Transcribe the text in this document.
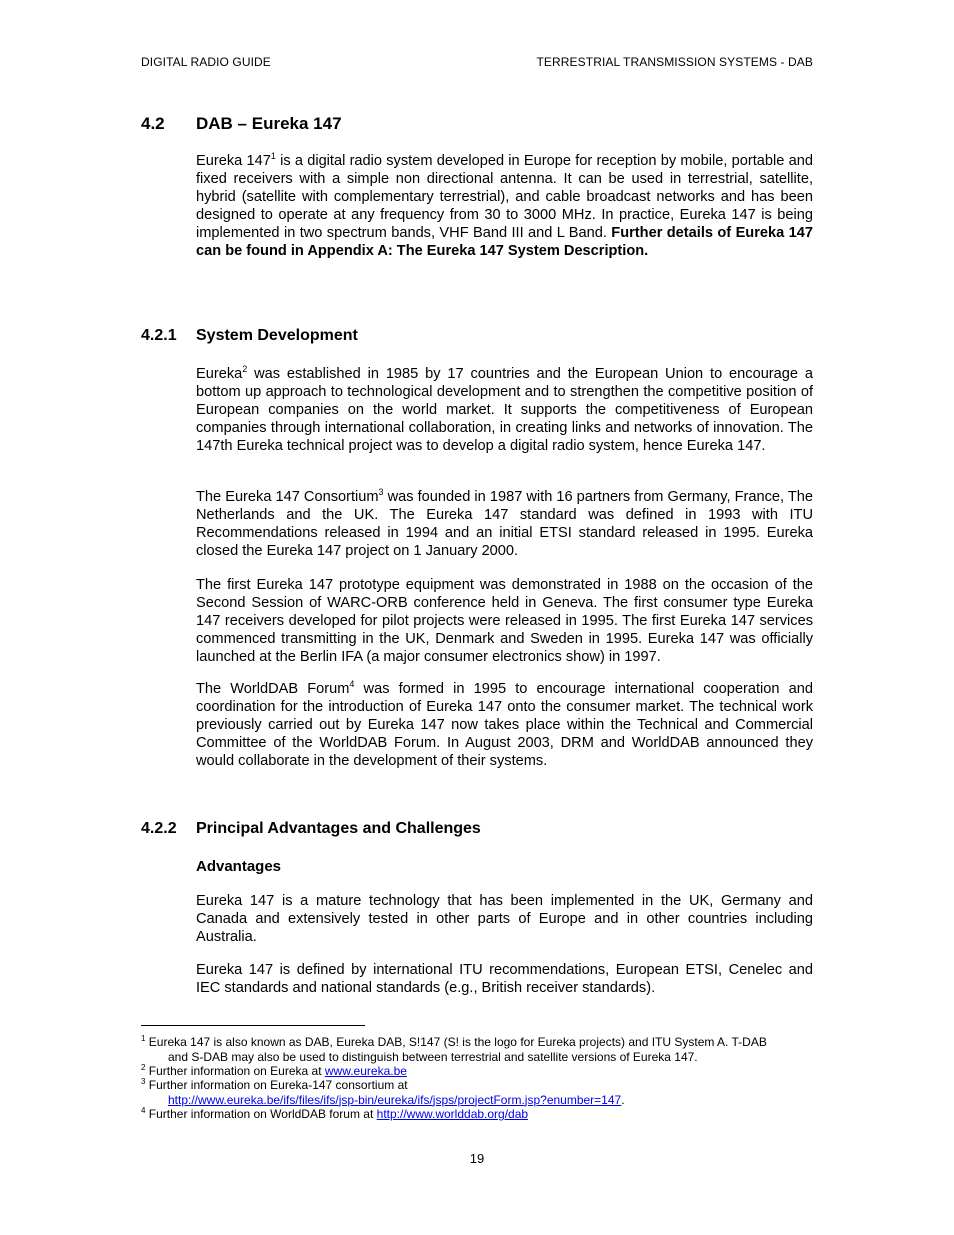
DIGITAL RADIO GUIDE	TERRESTRIAL TRANSMISSION SYSTEMS - DAB
4.2 DAB – Eureka 147

Eureka $147^1$ is a digital radio system developed in Europe for reception by mobile, portable and fixed receivers with a simple non directional antenna. It can be used in terrestrial, satellite, hybrid (satellite with complementary terrestrial), and cable broadcast networks and has been designed to operate at any frequency from 30 to 3000 MHz. In practice, Eureka 147 is being implemented in two spectrum bands, VHF Band III and L Band. Further details of Eureka 147 can be found in Appendix A: The Eureka 147 System Description.

4.2.1 System Development

Eureka$^2$ was established in 1985 by 17 countries and the European Union to encourage a bottom up approach to technological development and to strengthen the competitive position of European companies on the world market. It supports the competitiveness of European companies through international collaboration, in creating links and networks of innovation. The 147th Eureka technical project was to develop a digital radio system, hence Eureka 147.

The Eureka 147 Consortium$^3$ was founded in 1987 with 16 partners from Germany, France, The Netherlands and the UK. The Eureka 147 standard was defined in 1993 with ITU Recommendations released in 1994 and an initial ETSI standard released in 1995. Eureka closed the Eureka 147 project on 1 January 2000.

The first Eureka 147 prototype equipment was demonstrated in 1988 on the occasion of the Second Session of WARC-ORB conference held in Geneva. The first consumer type Eureka 147 receivers developed for pilot projects were released in 1995. The first Eureka 147 services commenced transmitting in the UK, Denmark and Sweden in 1995. Eureka 147 was officially launched at the Berlin IFA (a major consumer electronics show) in 1997.

The WorldDAB Forum$^4$ was formed in 1995 to encourage international cooperation and coordination for the introduction of Eureka 147 onto the consumer market. The technical work previously carried out by Eureka 147 now takes place within the Technical and Commercial Committee of the WorldDAB Forum. In August 2003, DRM and WorldDAB announced they would collaborate in the development of their systems.

4.2.2 Principal Advantages and Challenges
Advantages

Eureka 147 is a mature technology that has been implemented in the UK, Germany and Canada and extensively tested in other parts of Europe and in other countries including Australia.

Eureka 147 is defined by international ITU recommendations, European ETSI, Cenelec and IEC standards and national standards (e.g., British receiver standards).

$^1$ Eureka 147 is also known as DAB, Eureka DAB, S!147 (S! is the logo for Eureka projects) and ITU System A. T-DAB
and S-DAB may also be used to distinguish between terrestrial and satellite versions of Eureka 147.
$^2$ Further information on Eureka at www.eureka.be
$^3$ Further information on Eureka-147 consortium at
http://www.eureka.be/ifs/files/ifs/jsp-bin/eureka/ifs/jsps/projectForm.jsp?enumber=147.
$^4$ Further information on WorldDAB forum at http://www.worlddab.org/dab
19
